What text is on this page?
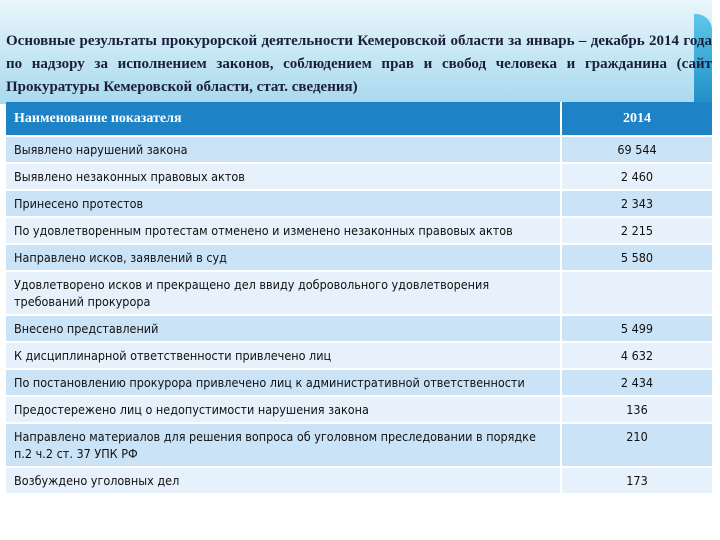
Основные результаты прокурорской деятельности Кемеровской области за январь – декабрь 2014 года по надзору за исполнением законов, соблюдением прав и свобод человека и гражданина (сайт Прокуратуры Кемеровской области, стат. сведения)

Наименование показателя	2014
Выявлено нарушений закона	69 544
Выявлено незаконных правовых актов	2 460
Принесено протестов	2 343
По удовлетворенным протестам отменено и изменено незаконных правовых актов	2 215
Направлено исков, заявлений в суд	5 580
Удовлетворено исков и прекращено дел ввиду добровольного удовлетворения требований прокурора	
Внесено представлений	5 499
К дисциплинарной ответственности привлечено лиц	4 632
По постановлению прокурора привлечено лиц к административной ответственности	2 434
Предостережено лиц о недопустимости нарушения закона	136
Направлено материалов для решения вопроса об уголовном преследовании в порядке п.2 ч.2 ст. 37 УПК РФ	210
Возбуждено уголовных дел	173
